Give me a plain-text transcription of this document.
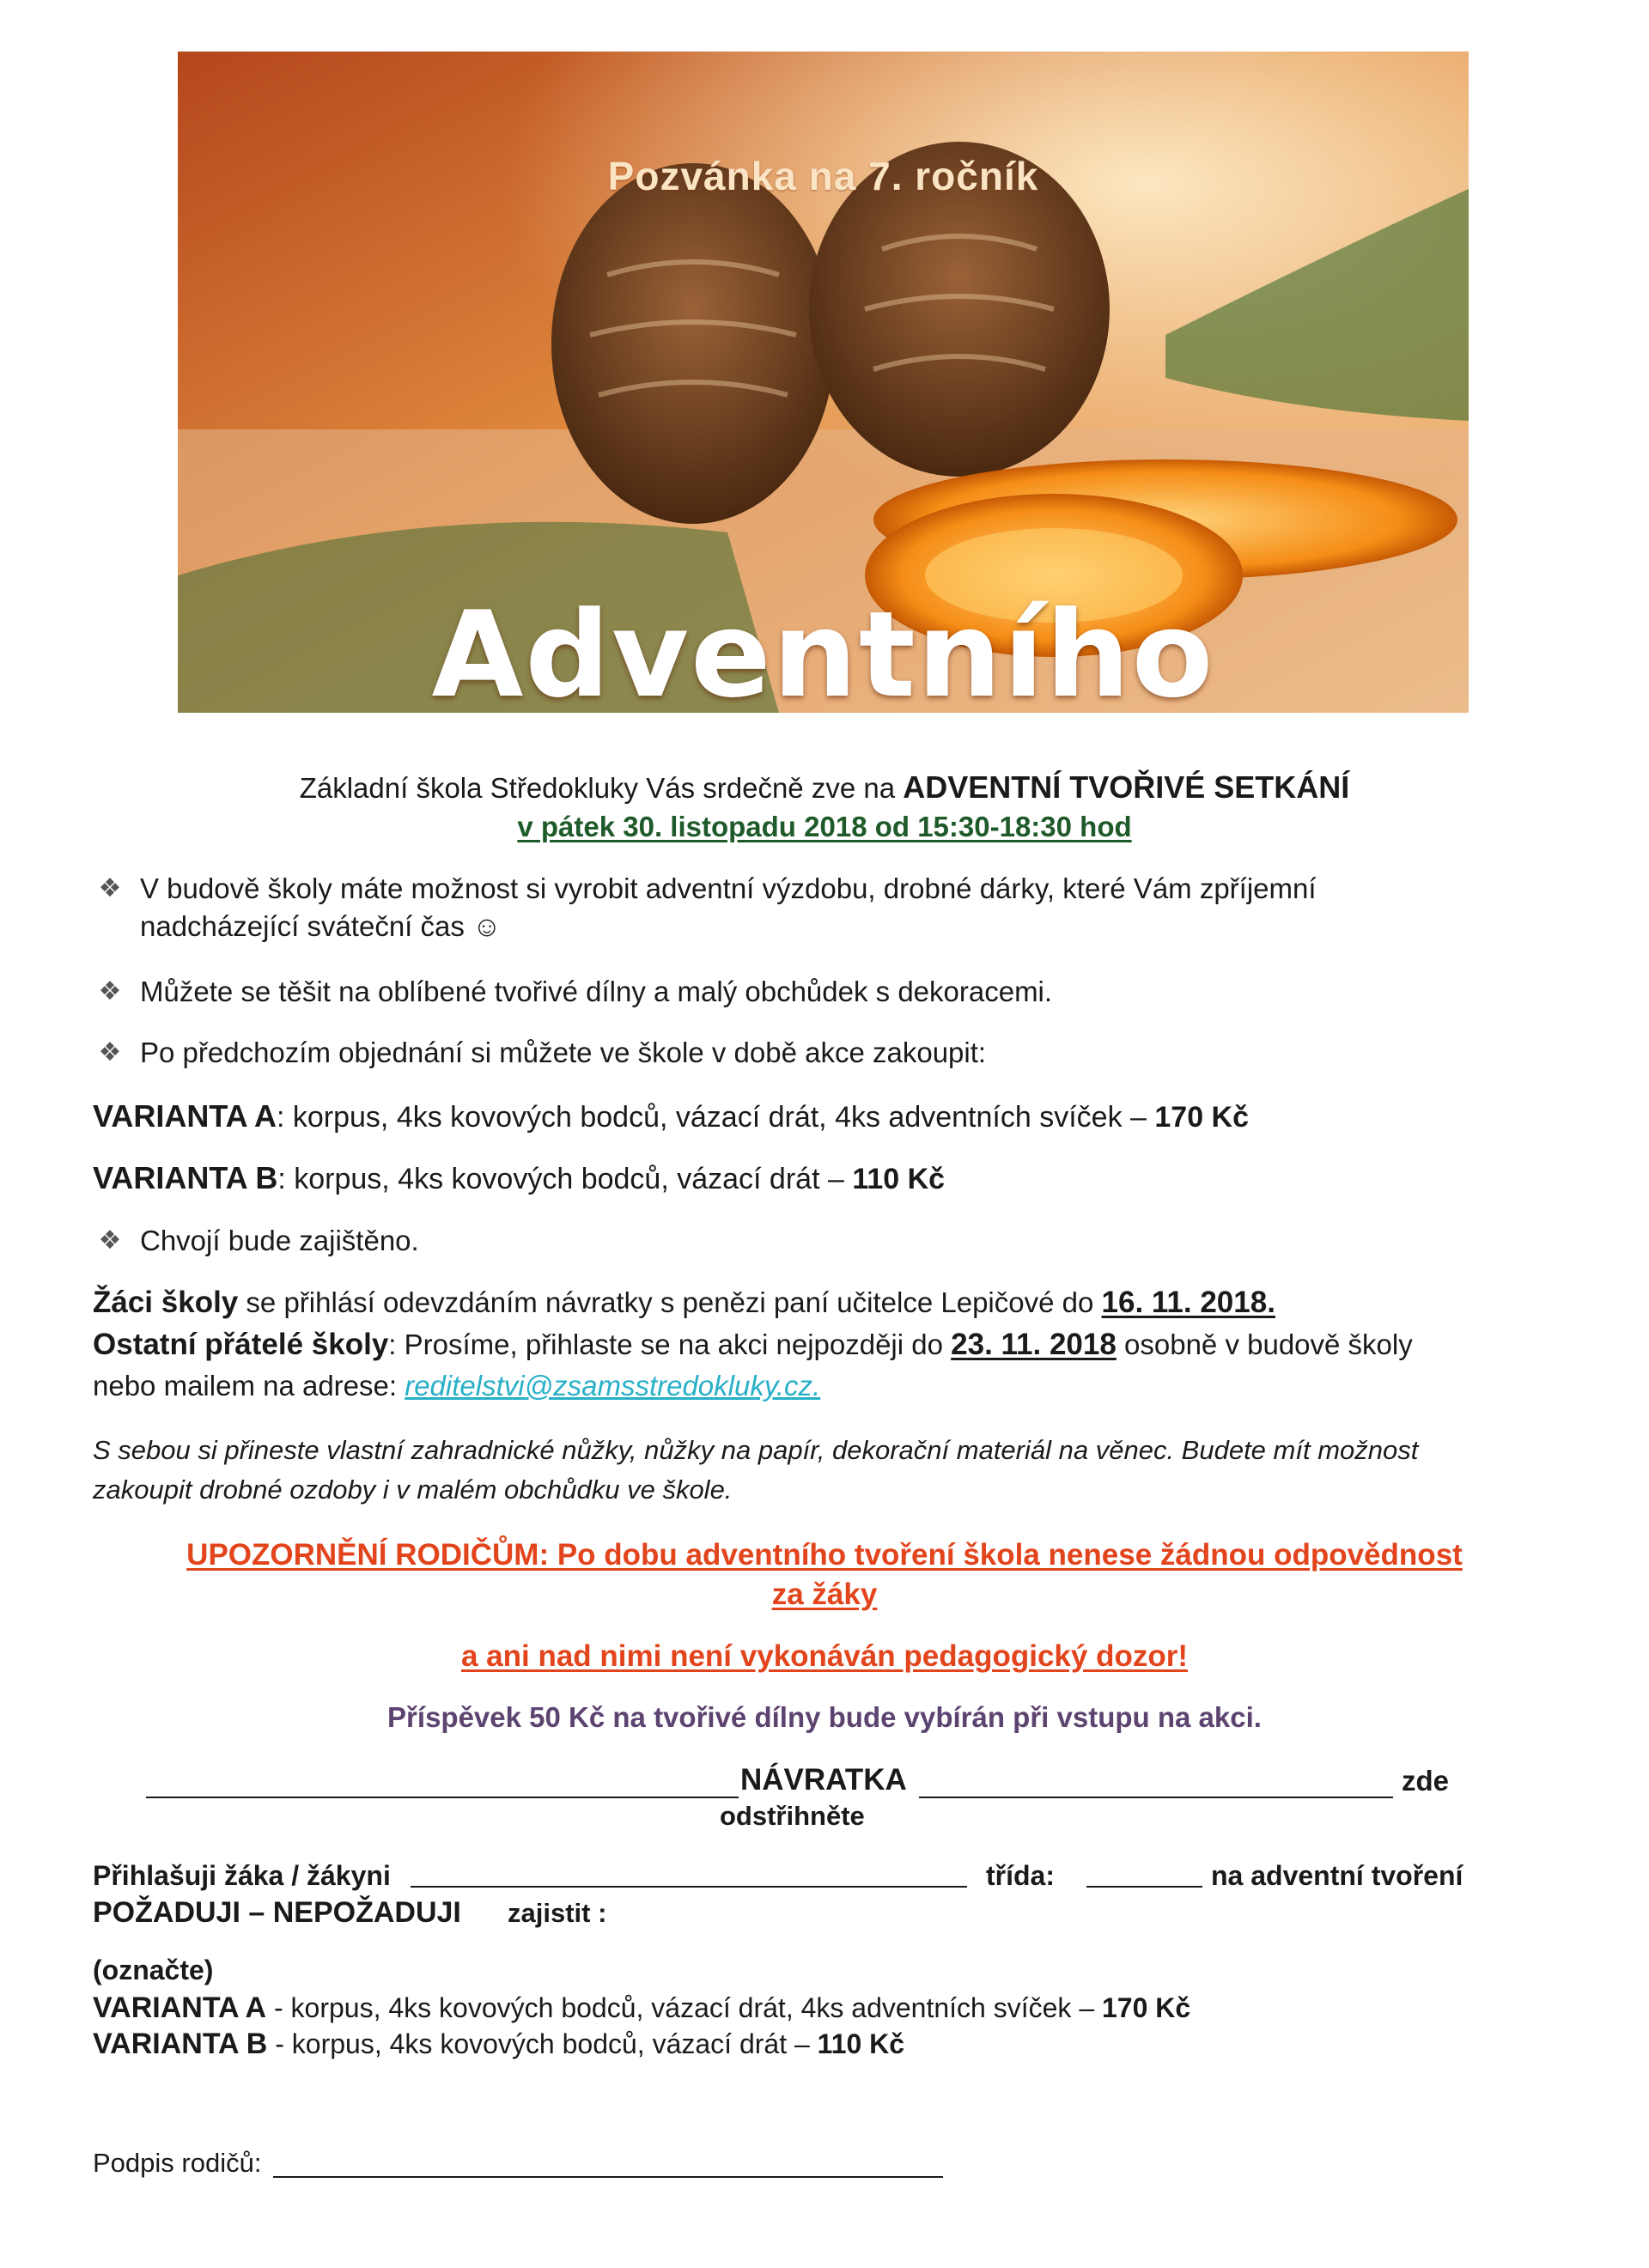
Pozvánka na 7. ročník
Adventního
Základní škola Středokluky Vás srdečně zve na ADVENTNÍ TVOŘIVÉ SETKÁNÍ
v pátek 30. listopadu 2018 od 15:30-18:30 hod
❖ V budově školy máte možnost si vyrobit adventní výzdobu, drobné dárky, které Vám zpříjemní
nadcházející sváteční čas ☺
❖ Můžete se těšit na oblíbené tvořivé dílny a malý obchůdek s dekoracemi.
❖ Po předchozím objednání si můžete ve škole v době akce zakoupit:
VARIANTA A: korpus, 4ks kovových bodců, vázací drát, 4ks adventních svíček – 170 Kč
VARIANTA B: korpus, 4ks kovových bodců, vázací drát – 110 Kč
❖ Chvojí bude zajištěno.
Žáci školy se přihlásí odevzdáním návratky s penězi paní učitelce Lepičové do 16. 11. 2018.
Ostatní přátelé školy: Prosíme, přihlaste se na akci nejpozději do 23. 11. 2018 osobně v budově školy
nebo mailem na adrese: reditelstvi@zsamsstredokluky.cz.
S sebou si přineste vlastní zahradnické nůžky, nůžky na papír, dekorační materiál na věnec. Budete mít možnost
zakoupit drobné ozdoby i v malém obchůdku ve škole.
UPOZORNĚNÍ RODIČŮM: Po dobu adventního tvoření škola nenese žádnou odpovědnost
za žáky
a ani nad nimi není vykonáván pedagogický dozor!
Příspěvek 50 Kč na tvořivé dílny bude vybírán při vstupu na akci.
NÁVRATKA	zde
odstřihněte
Přihlašuji žáka / žákyni	třída:	na adventní tvoření
POŽADUJI – NEPOŽADUJI zajistit :
(označte)
VARIANTA A - korpus, 4ks kovových bodců, vázací drát, 4ks adventních svíček – 170 Kč
VARIANTA B - korpus, 4ks kovových bodců, vázací drát – 110 Kč
Podpis rodičů:
